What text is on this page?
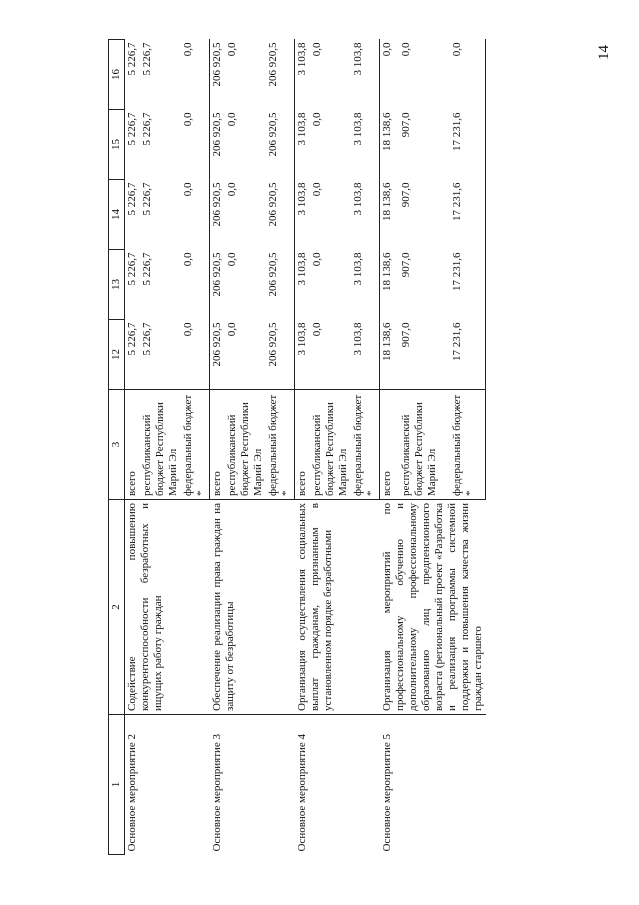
14
1	2	3	12	13	14	15	16
Основное мероприятие 2	Содействие повышению конкурентоспособности безработных и ищущих работу граждан	всего	5 226,7	5 226,7	5 226,7	5 226,7	5 226,7
		республиканский бюджет Республики Марий Эл	5 226,7	5 226,7	5 226,7	5 226,7	5 226,7
		федеральный бюджет *	0,0	0,0	0,0	0,0	0,0
Основное мероприятие 3	Обеспечение реализации права граждан на защиту от безработицы	всего	206 920,5	206 920,5	206 920,5	206 920,5	206 920,5
		республиканский бюджет Республики Марий Эл	0,0	0,0	0,0	0,0	0,0
		федеральный бюджет *	206 920,5	206 920,5	206 920,5	206 920,5	206 920,5
Основное мероприятие 4	Организация осуществления социальных выплат гражданам, признанным в установленном порядке безработными	всего	3 103,8	3 103,8	3 103,8	3 103,8	3 103,8
		республиканский бюджет Республики Марий Эл	0,0	0,0	0,0	0,0	0,0
		федеральный бюджет *	3 103,8	3 103,8	3 103,8	3 103,8	3 103,8
Основное мероприятие 5	Организация мероприятий по профессиональному обучению и дополнительному профессиональному образованию лиц предпенсионного возраста (региональный проект «Разработка и реализация программы системной поддержки и повышения качества жизни граждан старшего	всего	18 138,6	18 138,6	18 138,6	18 138,6	0,0
		республиканский бюджет Республики Марий Эл	907,0	907,0	907,0	907,0	0,0
		федеральный бюджет *	17 231,6	17 231,6	17 231,6	17 231,6	0,0
